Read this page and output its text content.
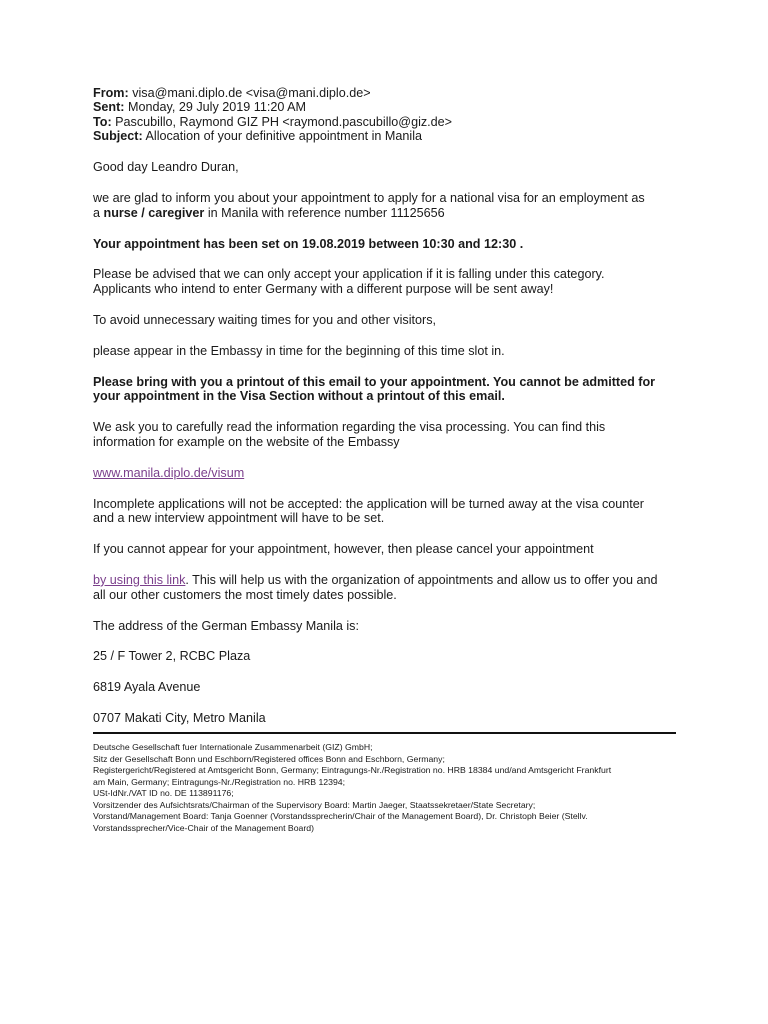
From: visa@mani.diplo.de <visa@mani.diplo.de>
Sent: Monday, 29 July 2019 11:20 AM
To: Pascubillo, Raymond GIZ PH <raymond.pascubillo@giz.de>
Subject: Allocation of your definitive appointment in Manila

Good day Leandro Duran,

we are glad to inform you about your appointment to apply for a national visa for an employment as
a nurse / caregiver in Manila with reference number 11125656

Your appointment has been set on 19.08.2019 between 10:30 and 12:30 .

Please be advised that we can only accept your application if it is falling under this category.
Applicants who intend to enter Germany with a different purpose will be sent away!

To avoid unnecessary waiting times for you and other visitors,

please appear in the Embassy in time for the beginning of this time slot in.

Please bring with you a printout of this email to your appointment. You cannot be admitted for
your appointment in the Visa Section without a printout of this email.

We ask you to carefully read the information regarding the visa processing. You can find this
information for example on the website of the Embassy

www.manila.diplo.de/visum

Incomplete applications will not be accepted: the application will be turned away at the visa counter
and a new interview appointment will have to be set.

If you cannot appear for your appointment, however, then please cancel your appointment

by using this link. This will help us with the organization of appointments and allow us to offer you and
all our other customers the most timely dates possible.

The address of the German Embassy Manila is:

25 / F Tower 2, RCBC Plaza

6819 Ayala Avenue

0707 Makati City, Metro Manila

Deutsche Gesellschaft fuer Internationale Zusammenarbeit (GIZ) GmbH;
Sitz der Gesellschaft Bonn und Eschborn/Registered offices Bonn and Eschborn, Germany;
Registergericht/Registered at Amtsgericht Bonn, Germany; Eintragungs-Nr./Registration no. HRB 18384 und/and Amtsgericht Frankfurt
am Main, Germany; Eintragungs-Nr./Registration no. HRB 12394;
USt-IdNr./VAT ID no. DE 113891176;
Vorsitzender des Aufsichtsrats/Chairman of the Supervisory Board: Martin Jaeger, Staatssekretaer/State Secretary;
Vorstand/Management Board: Tanja Goenner (Vorstandssprecherin/Chair of the Management Board), Dr. Christoph Beier (Stellv.
Vorstandssprecher/Vice-Chair of the Management Board)
